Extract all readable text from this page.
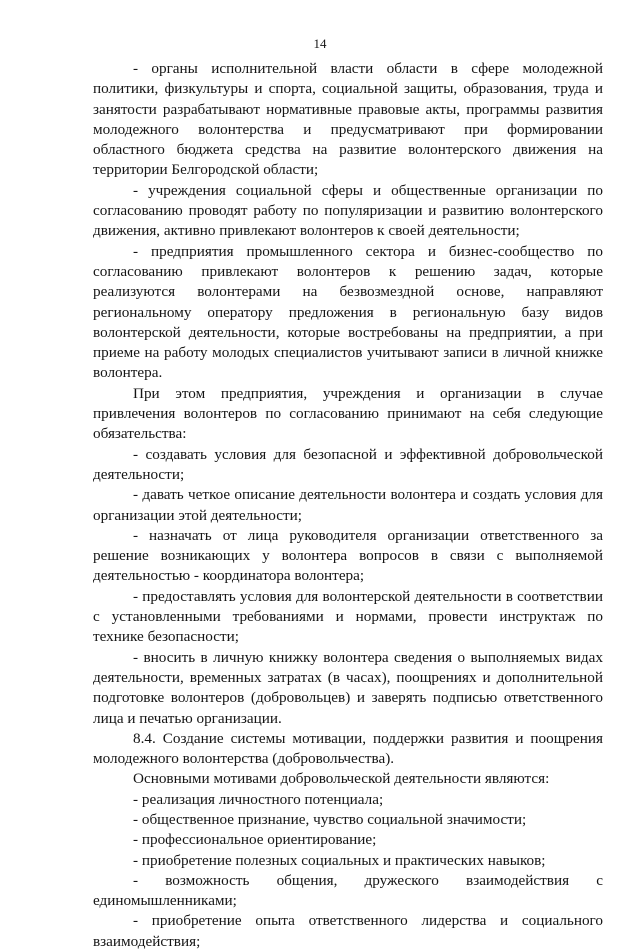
14
- органы исполнительной власти области в сфере молодежной
политики, физкультуры и спорта, социальной защиты, образования, труда и
занятости разрабатывают нормативные правовые акты, программы развития
молодежного волонтерства и предусматривают при формировании
областного бюджета средства на развитие волонтерского движения на
территории Белгородской области;
- учреждения социальной сферы и общественные организации по
согласованию проводят работу по популяризации и развитию волонтерского
движения, активно привлекают волонтеров к своей деятельности;
- предприятия промышленного сектора и бизнес-сообщество по
согласованию привлекают волонтеров к решению задач, которые
реализуются волонтерами на безвозмездной основе, направляют
региональному оператору предложения в региональную базу видов
волонтерской деятельности, которые востребованы на предприятии, а при
приеме на работу молодых специалистов учитывают записи в личной книжке
волонтера.
При этом предприятия, учреждения и организации в случае
привлечения волонтеров по согласованию принимают на себя следующие
обязательства:
- создавать условия для безопасной и эффективной добровольческой
деятельности;
- давать четкое описание деятельности волонтера и создать условия для
организации этой деятельности;
- назначать от лица руководителя организации ответственного за
решение возникающих у волонтера вопросов в связи с выполняемой
деятельностью - координатора волонтера;
- предоставлять условия для волонтерской деятельности в соответствии
с установленными требованиями и нормами, провести инструктаж по
технике безопасности;
- вносить в личную книжку волонтера сведения о выполняемых видах
деятельности, временных затратах (в часах), поощрениях и дополнительной
подготовке волонтеров (добровольцев) и заверять подписью ответственного
лица и печатью организации.
8.4. Создание системы мотивации, поддержки развития и поощрения
молодежного волонтерства (добровольчества).
Основными мотивами добровольческой деятельности являются:
- реализация личностного потенциала;
- общественное признание, чувство социальной значимости;
- профессиональное ориентирование;
- приобретение полезных социальных и практических навыков;
- возможность общения, дружеского взаимодействия с
единомышленниками;
- приобретение опыта ответственного лидерства и социального
взаимодействия;
